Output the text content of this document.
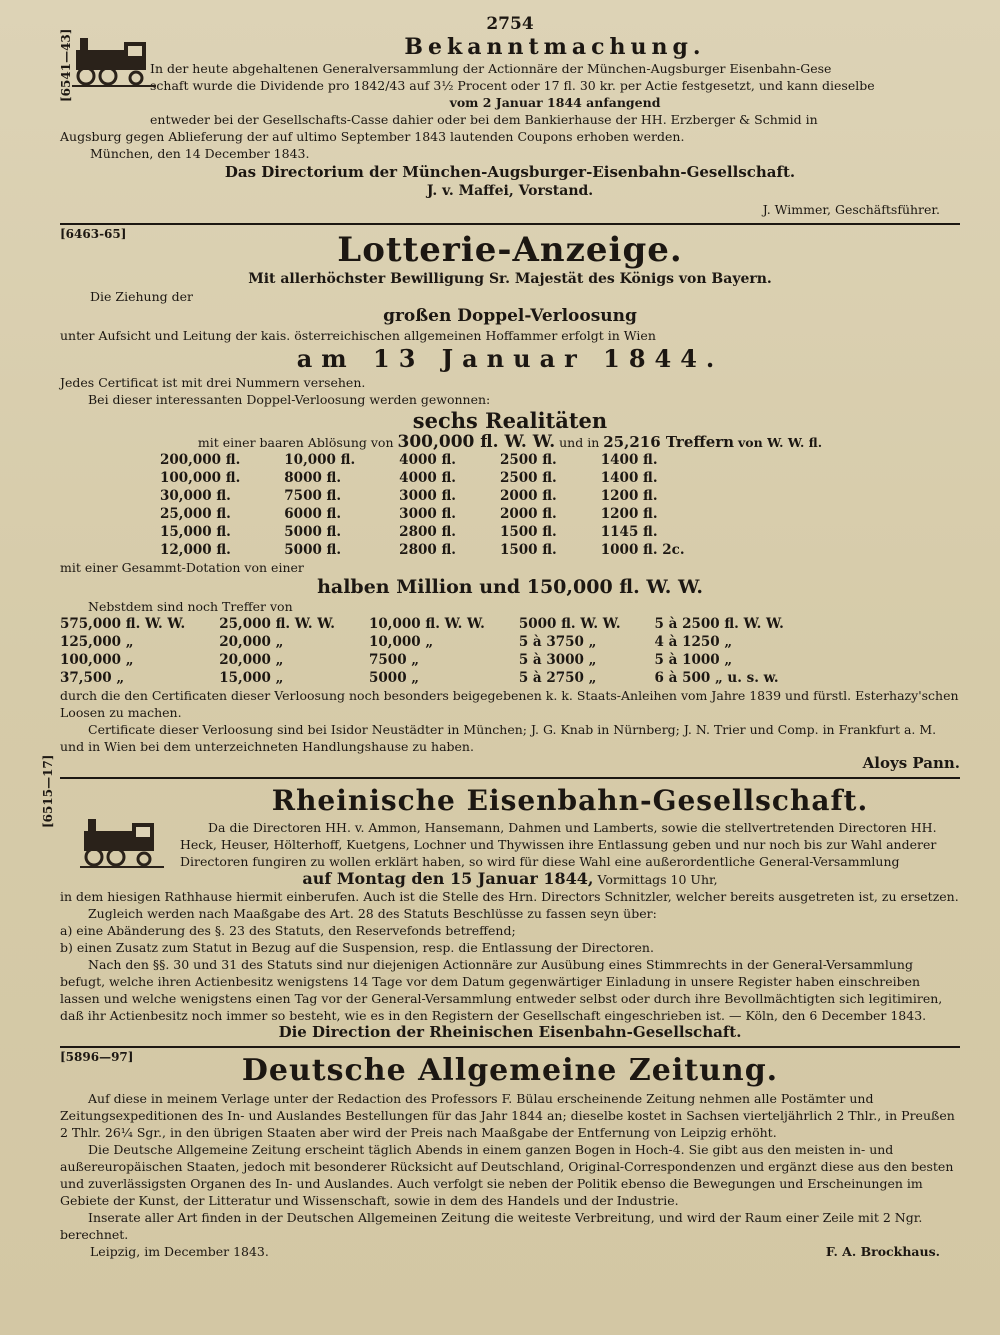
2754
[6541—43]	Bekanntmachung.

In der heute abgehaltenen Generalversammlung der Actionnäre der München-Augsburger Eisenbahn-Gese

schaft wurde die Dividende pro 1842/43 auf 3½ Procent oder 17 fl. 30 kr. per Actie festgesetzt, und kann dieselbe

vom 2 Januar 1844 anfangend

entweder bei der Gesellschafts-Casse dahier oder bei dem Bankierhause der HH. Erzberger & Schmid in

Augsburg gegen Ablieferung der auf ultimo September 1843 lautenden Coupons erhoben werden.

München, den 14 December 1843.

Das Directorium der München-Augsburger-Eisenbahn-Gesellschaft.

J. v. Maffei, Vorstand.

J. Wimmer, Geschäftsführer.

[6463-65]	Lotterie-Anzeige.

Mit allerhöchster Bewilligung Sr. Majestät des Königs von Bayern.

Die Ziehung der

großen Doppel-Verloosung

unter Aufsicht und Leitung der kais. österreichischen allgemeinen Hoffammer erfolgt in Wien

am 13 Januar 1844.

Jedes Certificat ist mit drei Nummern versehen.

Bei dieser interessanten Doppel-Verloosung werden gewonnen:

sechs Realitäten

mit einer baaren Ablösung von 300,000 fl. W. W. und in 25,216 Treffern von W. W. fl.

200,000 fl.	10,000 fl.	4000 fl.	2500 fl.	1400 fl.
100,000 fl.	8000 fl.	4000 fl.	2500 fl.	1400 fl.
30,000 fl.	7500 fl.	3000 fl.	2000 fl.	1200 fl.
25,000 fl.	6000 fl.	3000 fl.	2000 fl.	1200 fl.
15,000 fl.	5000 fl.	2800 fl.	1500 fl.	1145 fl.
12,000 fl.	5000 fl.	2800 fl.	1500 fl.	1000 fl. 2c.

mit einer Gesammt-Dotation von einer

halben Million und 150,000 fl. W. W.

Nebstdem sind noch Treffer von

575,000 fl. W. W.	25,000 fl. W. W.	10,000 fl. W. W.	5000 fl. W. W.	5 à 2500 fl. W. W.
125,000 „	20,000 „	10,000 „	5 à 3750 „	4 à 1250 „
100,000 „	20,000 „	7500 „	5 à 3000 „	5 à 1000 „
37,500 „	15,000 „	5000 „	5 à 2750 „	6 à 500 „ u. s. w.

durch die den Certificaten dieser Verloosung noch besonders beigegebenen k. k. Staats-Anleihen vom Jahre 1839 und fürstl. Esterhazy'schen Loosen zu machen.

Certificate dieser Verloosung sind bei Isidor Neustädter in München; J. G. Knab in Nürnberg; J. N. Trier und Comp. in Frankfurt a. M. und in Wien bei dem unterzeichneten Handlungshause zu haben.

Aloys Pann.

[6515—17]	Rheinische Eisenbahn-Gesellschaft.

Da die Directoren HH. v. Ammon, Hansemann, Dahmen und Lamberts, sowie die stellvertretenden Directoren HH. Heck, Heuser, Hölterhoff, Kuetgens, Lochner und Thywissen ihre Entlassung geben und nur noch bis zur Wahl anderer Directoren fungiren zu wollen erklärt haben, so wird für diese Wahl eine außerordentliche General-Versammlung

auf Montag den 15 Januar 1844, Vormittags 10 Uhr,

in dem hiesigen Rathhause hiermit einberufen. Auch ist die Stelle des Hrn. Directors Schnitzler, welcher bereits ausgetreten ist, zu ersetzen.

Zugleich werden nach Maaßgabe des Art. 28 des Statuts Beschlüsse zu fassen seyn über:

a) eine Abänderung des §. 23 des Statuts, den Reservefonds betreffend;

b) einen Zusatz zum Statut in Bezug auf die Suspension, resp. die Entlassung der Directoren.

Nach den §§. 30 und 31 des Statuts sind nur diejenigen Actionnäre zur Ausübung eines Stimmrechts in der General-Versammlung befugt, welche ihren Actienbesitz wenigstens 14 Tage vor dem Datum gegenwärtiger Einladung in unsere Register haben einschreiben lassen und welche wenigstens einen Tag vor der General-Versammlung entweder selbst oder durch ihre Bevollmächtigten sich legitimiren, daß ihr Actienbesitz noch immer so besteht, wie es in den Registern der Gesellschaft eingeschrieben ist. — Köln, den 6 December 1843.

Die Direction der Rheinischen Eisenbahn-Gesellschaft.

[5896—97]	Deutsche Allgemeine Zeitung.

Auf diese in meinem Verlage unter der Redaction des Professors F. Bülau erscheinende Zeitung nehmen alle Postämter und Zeitungsexpeditionen des In- und Auslandes Bestellungen für das Jahr 1844 an; dieselbe kostet in Sachsen vierteljährlich 2 Thlr., in Preußen 2 Thlr. 26¼ Sgr., in den übrigen Staaten aber wird der Preis nach Maaßgabe der Entfernung von Leipzig erhöht.

Die Deutsche Allgemeine Zeitung erscheint täglich Abends in einem ganzen Bogen in Hoch-4. Sie gibt aus den meisten in- und außereuropäischen Staaten, jedoch mit besonderer Rücksicht auf Deutschland, Original-Correspondenzen und ergänzt diese aus den besten und zuverlässigsten Organen des In- und Auslandes. Auch verfolgt sie neben der Politik ebenso die Bewegungen und Erscheinungen im Gebiete der Kunst, der Litteratur und Wissenschaft, sowie in dem des Handels und der Industrie.

Inserate aller Art finden in der Deutschen Allgemeinen Zeitung die weiteste Verbreitung, und wird der Raum einer Zeile mit 2 Ngr. berechnet.

Leipzig, im December 1843.	F. A. Brockhaus.
